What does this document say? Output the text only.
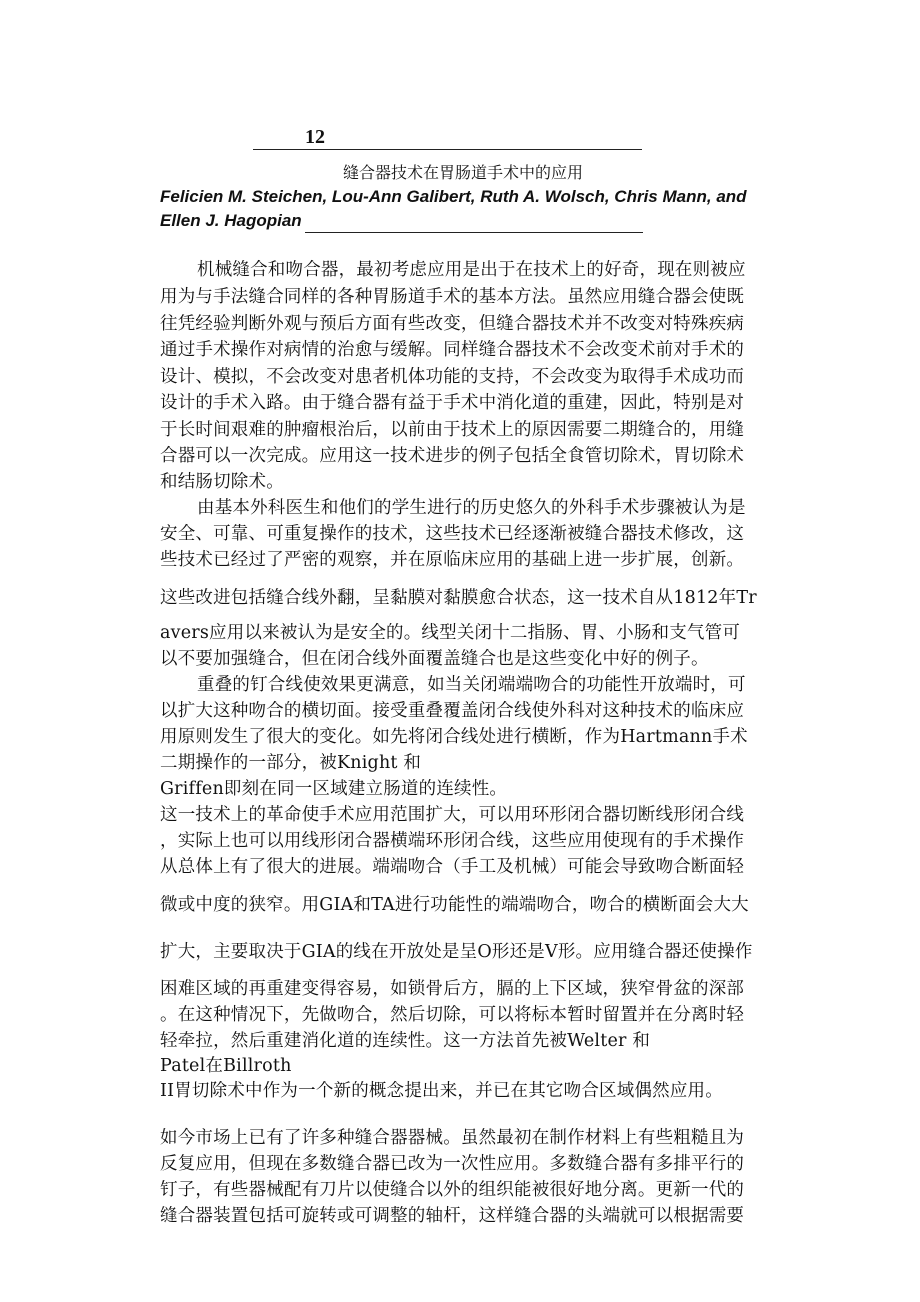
12
缝合器技术在胃肠道手术中的应用
Felicien M. Steichen, Lou-Ann Galibert, Ruth A. Wolsch, Chris Mann, and
Ellen J. Hagopian
机械缝合和吻合器，最初考虑应用是出于在技术上的好奇，现在则被应
用为与手法缝合同样的各种胃肠道手术的基本方法。虽然应用缝合器会使既
往凭经验判断外观与预后方面有些改变，但缝合器技术并不改变对特殊疾病
通过手术操作对病情的治愈与缓解。同样缝合器技术不会改变术前对手术的
设计、模拟，不会改变对患者机体功能的支持，不会改变为取得手术成功而
设计的手术入路。由于缝合器有益于手术中消化道的重建，因此，特别是对
于长时间艰难的肿瘤根治后，以前由于技术上的原因需要二期缝合的，用缝
合器可以一次完成。应用这一技术进步的例子包括全食管切除术，胃切除术
和结肠切除术。
由基本外科医生和他们的学生进行的历史悠久的外科手术步骤被认为是
安全、可靠、可重复操作的技术，这些技术已经逐渐被缝合器技术修改，这
些技术已经过了严密的观察，并在原临床应用的基础上进一步扩展，创新。
这些改进包括缝合线外翻，呈黏膜对黏膜愈合状态，这一技术自从1812年Tr
avers应用以来被认为是安全的。线型关闭十二指肠、胃、小肠和支气管可
以不要加强缝合，但在闭合线外面覆盖缝合也是这些变化中好的例子。
重叠的钉合线使效果更满意，如当关闭端端吻合的功能性开放端时，可
以扩大这种吻合的横切面。接受重叠覆盖闭合线使外科对这种技术的临床应
用原则发生了很大的变化。如先将闭合线处进行横断，作为Hartmann手术
二期操作的一部分，被Knight 和
Griffen即刻在同一区域建立肠道的连续性。
这一技术上的革命使手术应用范围扩大，可以用环形闭合器切断线形闭合线
，实际上也可以用线形闭合器横端环形闭合线，这些应用使现有的手术操作
从总体上有了很大的进展。端端吻合（手工及机械）可能会导致吻合断面轻
微或中度的狭窄。用GIA和TA进行功能性的端端吻合，吻合的横断面会大大
扩大，主要取决于GIA的线在开放处是呈O形还是V形。应用缝合器还使操作
困难区域的再重建变得容易，如锁骨后方，膈的上下区域，狭窄骨盆的深部
。在这种情况下，先做吻合，然后切除，可以将标本暂时留置并在分离时轻
轻牵拉，然后重建消化道的连续性。这一方法首先被Welter 和
Patel在Billroth
II胃切除术中作为一个新的概念提出来，并已在其它吻合区域偶然应用。
如今市场上已有了许多种缝合器器械。虽然最初在制作材料上有些粗糙且为
反复应用，但现在多数缝合器已改为一次性应用。多数缝合器有多排平行的
钉子，有些器械配有刀片以使缝合以外的组织能被很好地分离。更新一代的
缝合器装置包括可旋转或可调整的轴杆，这样缝合器的头端就可以根据需要
